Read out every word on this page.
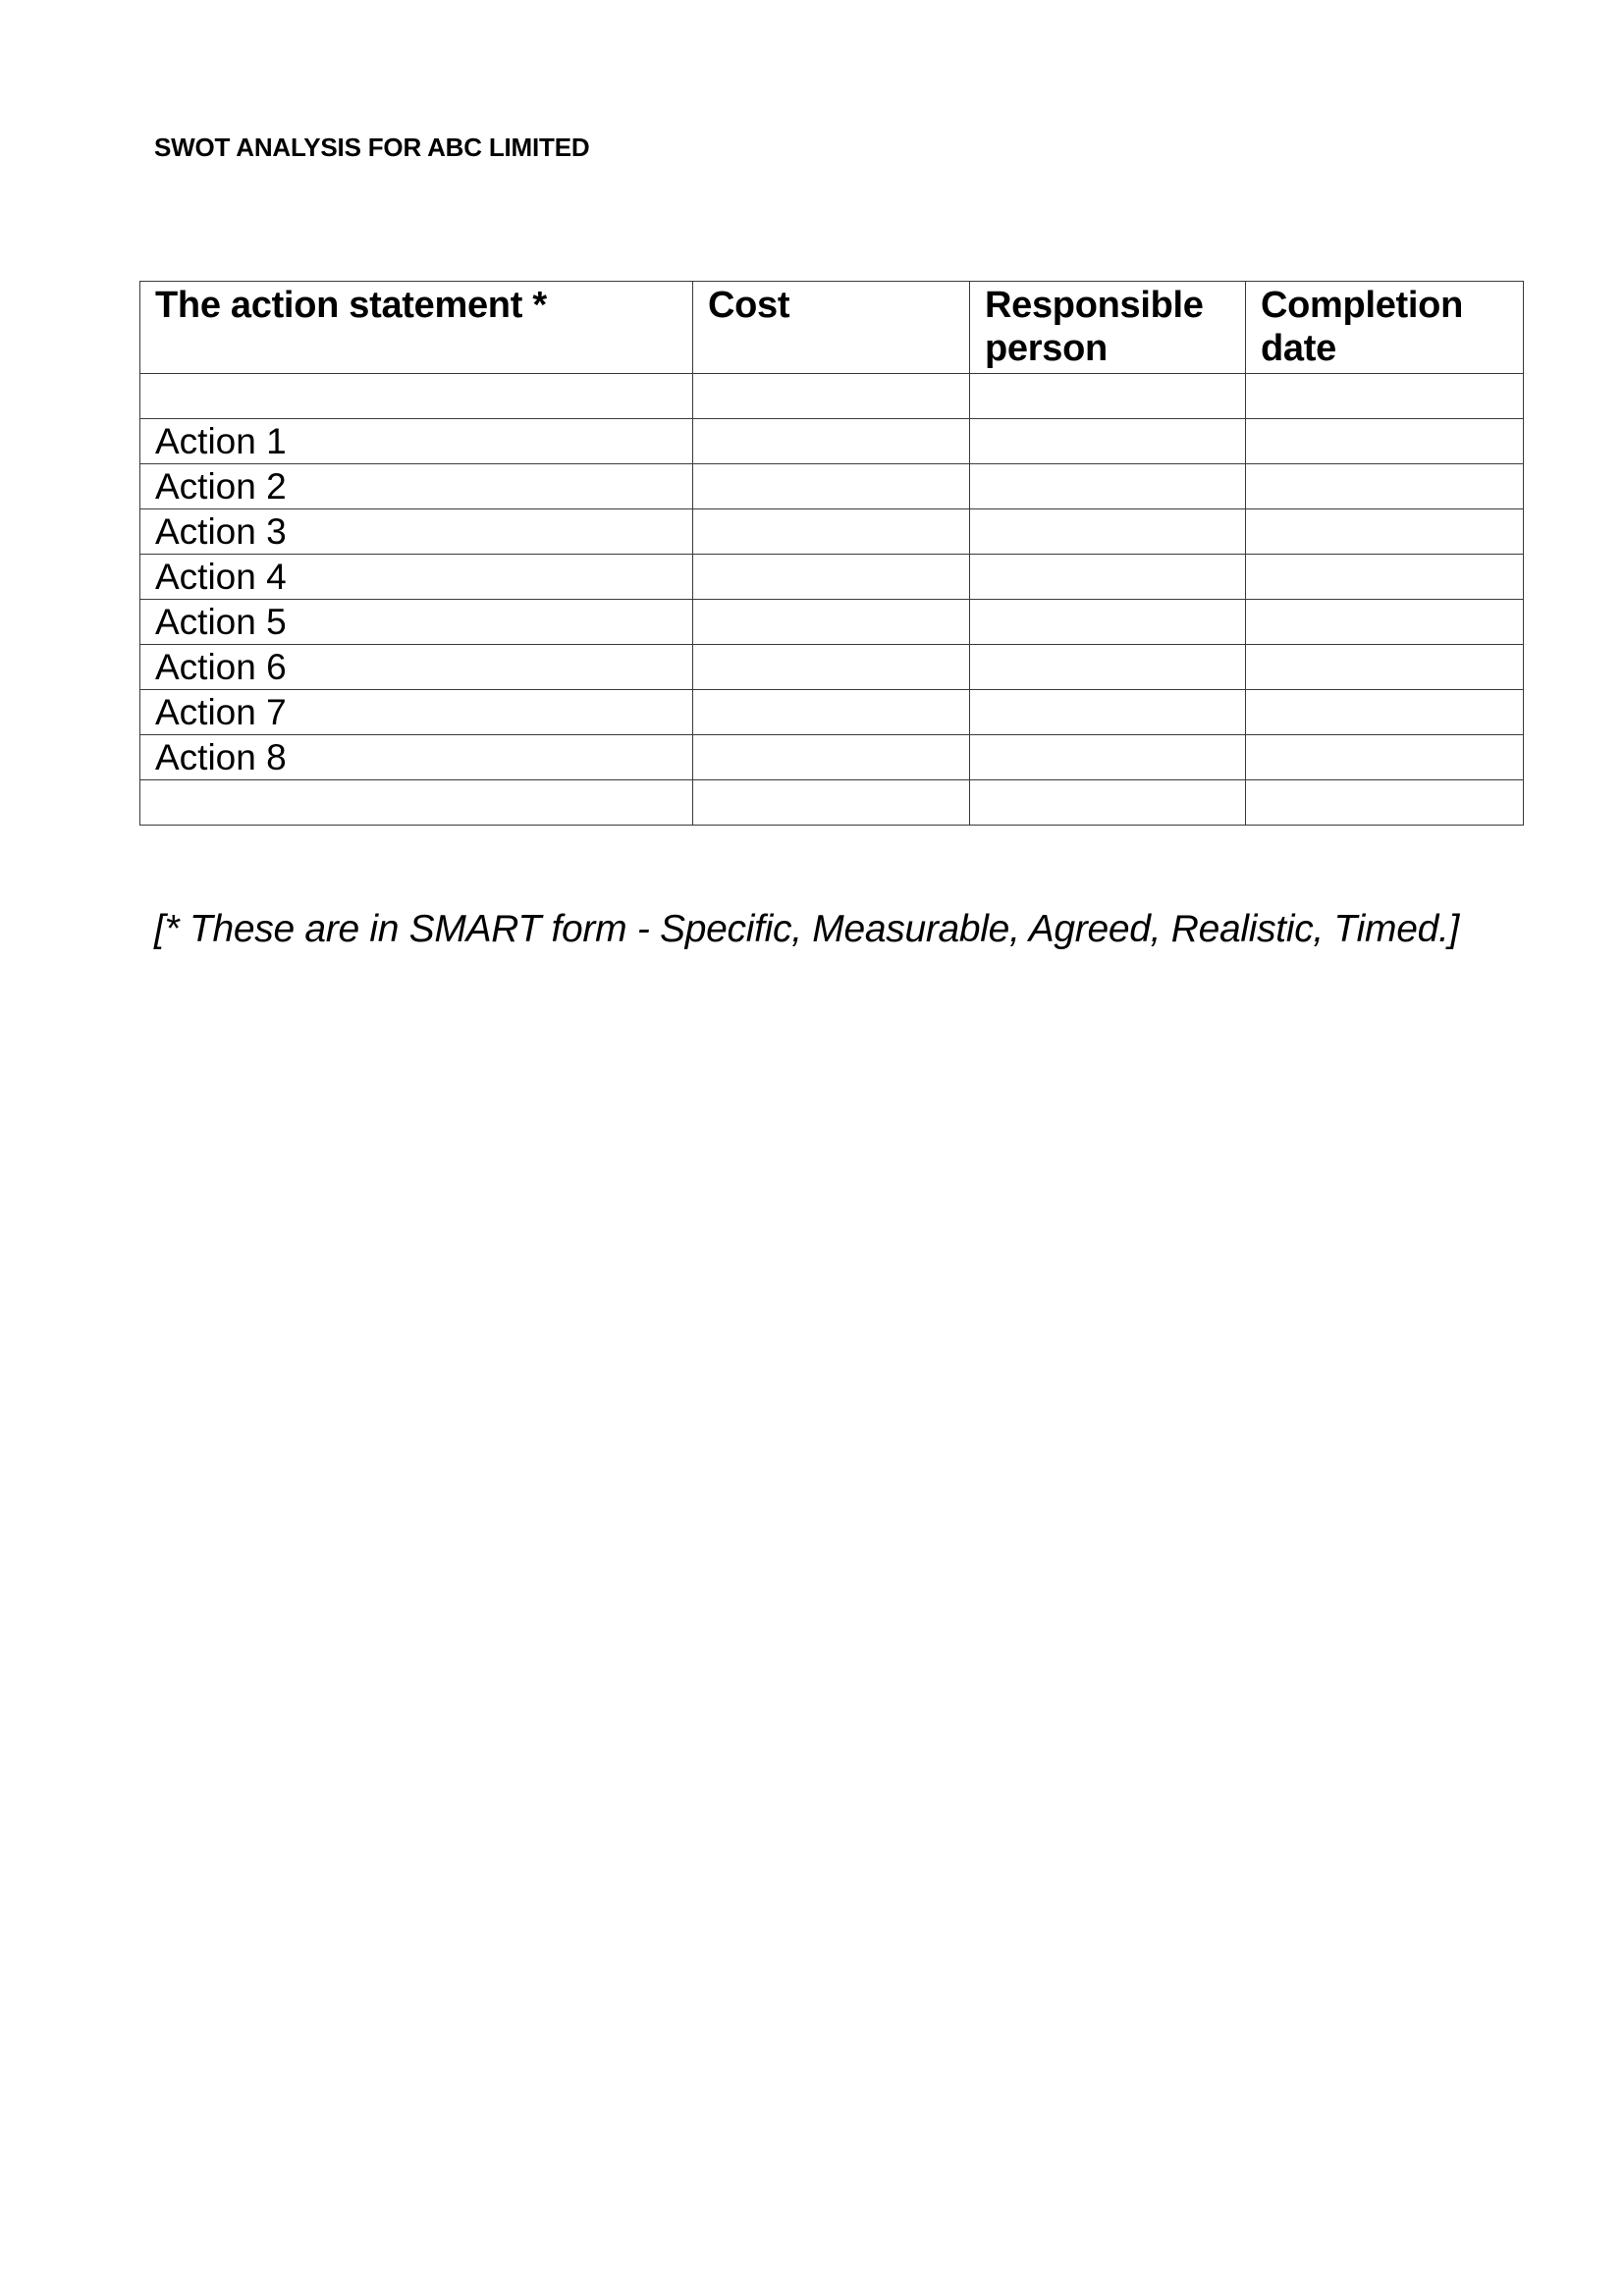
SWOT ANALYSIS FOR ABC LIMITED
The action statement *	Cost	Responsible person	Completion date

Action 1			
Action 2			
Action 3			
Action 4			
Action 5			
Action 6			
Action 7			
Action 8			

[* These are in SMART form - Specific, Measurable, Agreed, Realistic, Timed.]
